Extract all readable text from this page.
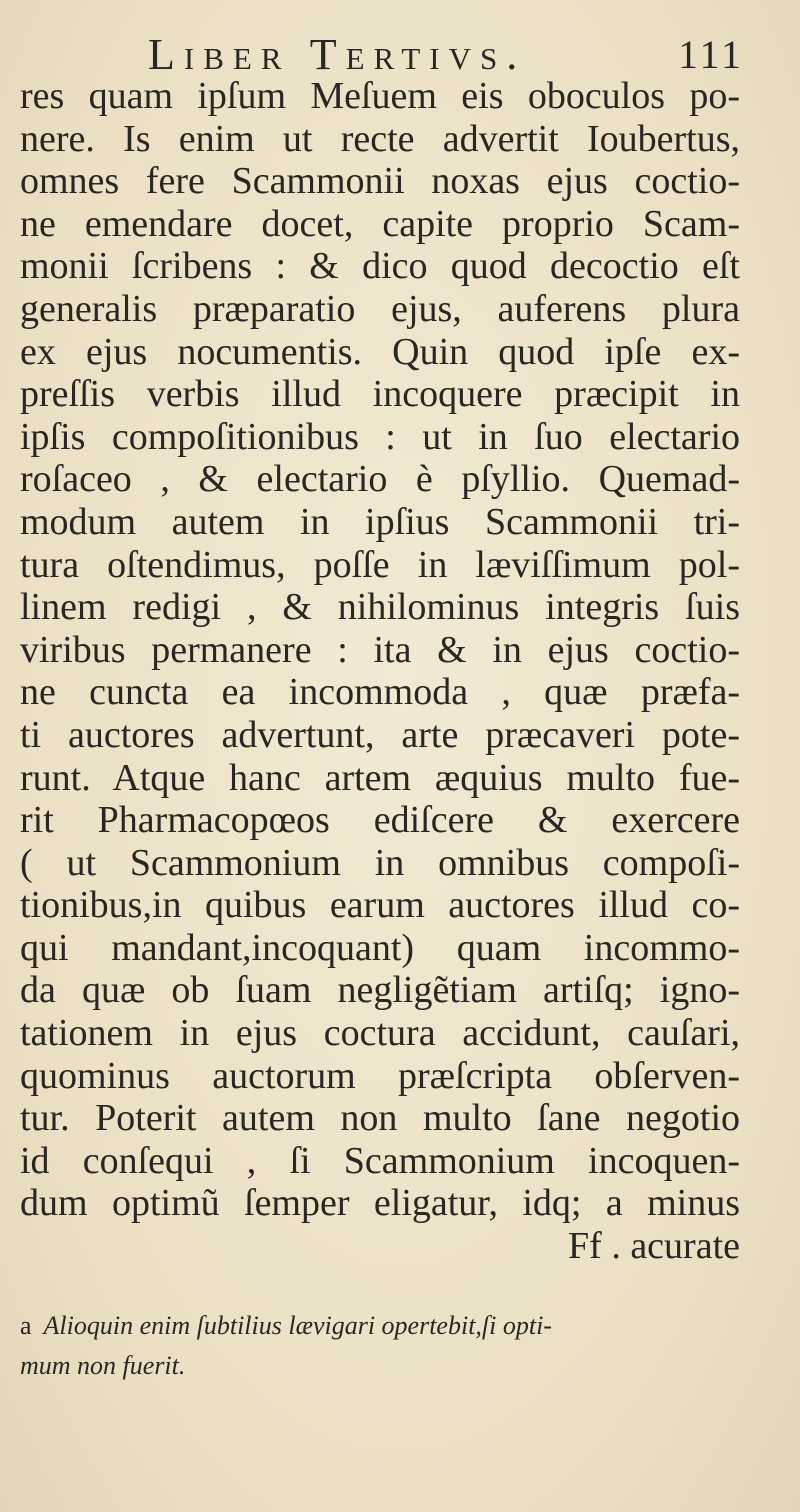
Liber Tertivs.	111
res quam ipſum Meſuem eis oboculos po-
nere. Is enim ut recte advertit Ioubertus,
omnes fere Scammonii noxas ejus coctio-
ne emendare docet, capite proprio Scam-
monii ſcribens : & dico quod decoctio eſt
generalis præparatio ejus, auferens plura
ex ejus nocumentis. Quin quod ipſe ex-
preſſis verbis illud incoquere præcipit in
ipſis compoſitionibus : ut in ſuo electario
roſaceo , & electario è pſyllio. Quemad-
modum autem in ipſius Scammonii tri-
tura oſtendimus, poſſe in læviſſimum pol-
linem redigi , & nihilominus integris ſuis
viribus permanere : ita & in ejus coctio-
ne cuncta ea incommoda , quæ præfa-
ti auctores advertunt, arte præcaveri pote-
runt. Atque hanc artem æquius multo fue-
rit Pharmacopœos ediſcere & exercere
( ut Scammonium in omnibus compoſi-
tionibus,in quibus earum auctores illud co-
qui mandant,incoquant) quam incommo-
da quæ ob ſuam negligẽtiam artiſq; igno-
tationem in ejus coctura accidunt, cauſari,
quominus auctorum præſcripta obſerven-
tur. Poterit autem non multo ſane negotio
id conſequi , ſi Scammonium incoquen-
dum optimũ ſemper eligatur, idq; a minus
Ff . acurate
a Alioquin enim ſubtilius lævigari opertebit,ſi opti-
mum non fuerit.
